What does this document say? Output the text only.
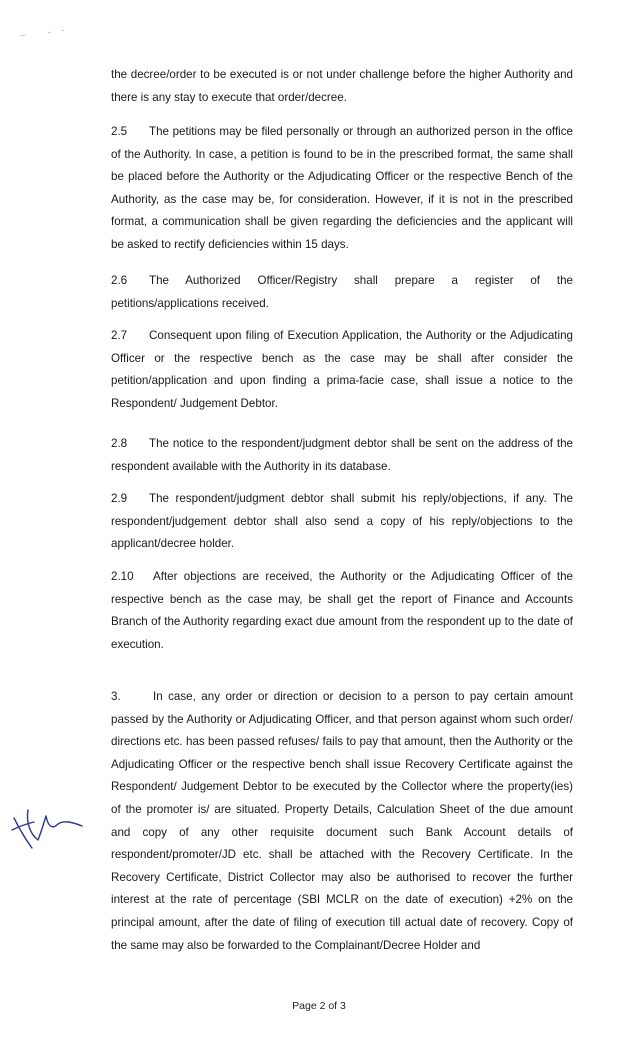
the decree/order to be executed is or not under challenge before the higher Authority and there is any stay to execute that order/decree.

2.5 The petitions may be filed personally or through an authorized person in the office of the Authority. In case, a petition is found to be in the prescribed format, the same shall be placed before the Authority or the Adjudicating Officer or the respective Bench of the Authority, as the case may be, for consideration. However, if it is not in the prescribed format, a communication shall be given regarding the deficiencies and the applicant will be asked to rectify deficiencies within 15 days.

2.6 The Authorized Officer/Registry shall prepare a register of the petitions/applications received.

2.7 Consequent upon filing of Execution Application, the Authority or the Adjudicating Officer or the respective bench as the case may be shall after consider the petition/application and upon finding a prima-facie case, shall issue a notice to the Respondent/ Judgement Debtor.

2.8 The notice to the respondent/judgment debtor shall be sent on the address of the respondent available with the Authority in its database.

2.9 The respondent/judgment debtor shall submit his reply/objections, if any. The respondent/judgement debtor shall also send a copy of his reply/objections to the applicant/decree holder.

2.10 After objections are received, the Authority or the Adjudicating Officer of the respective bench as the case may, be shall get the report of Finance and Accounts Branch of the Authority regarding exact due amount from the respondent up to the date of execution.

3.	In case, any order or direction or decision to a person to pay certain amount passed by the Authority or Adjudicating Officer, and that person against whom such order/ directions etc. has been passed refuses/ fails to pay that amount, then the Authority or the Adjudicating Officer or the respective bench shall issue Recovery Certificate against the Respondent/ Judgement Debtor to be executed by the Collector where the property(ies) of the promoter is/ are situated. Property Details, Calculation Sheet of the due amount and copy of any other requisite document such Bank Account details of respondent/promoter/JD etc. shall be attached with the Recovery Certificate. In the Recovery Certificate, District Collector may also be authorised to recover the further interest at the rate of percentage (SBI MCLR on the date of execution) +2% on the principal amount, after the date of filing of execution till actual date of recovery. Copy of the same may also be forwarded to the Complainant/Decree Holder and

Page 2 of 3
